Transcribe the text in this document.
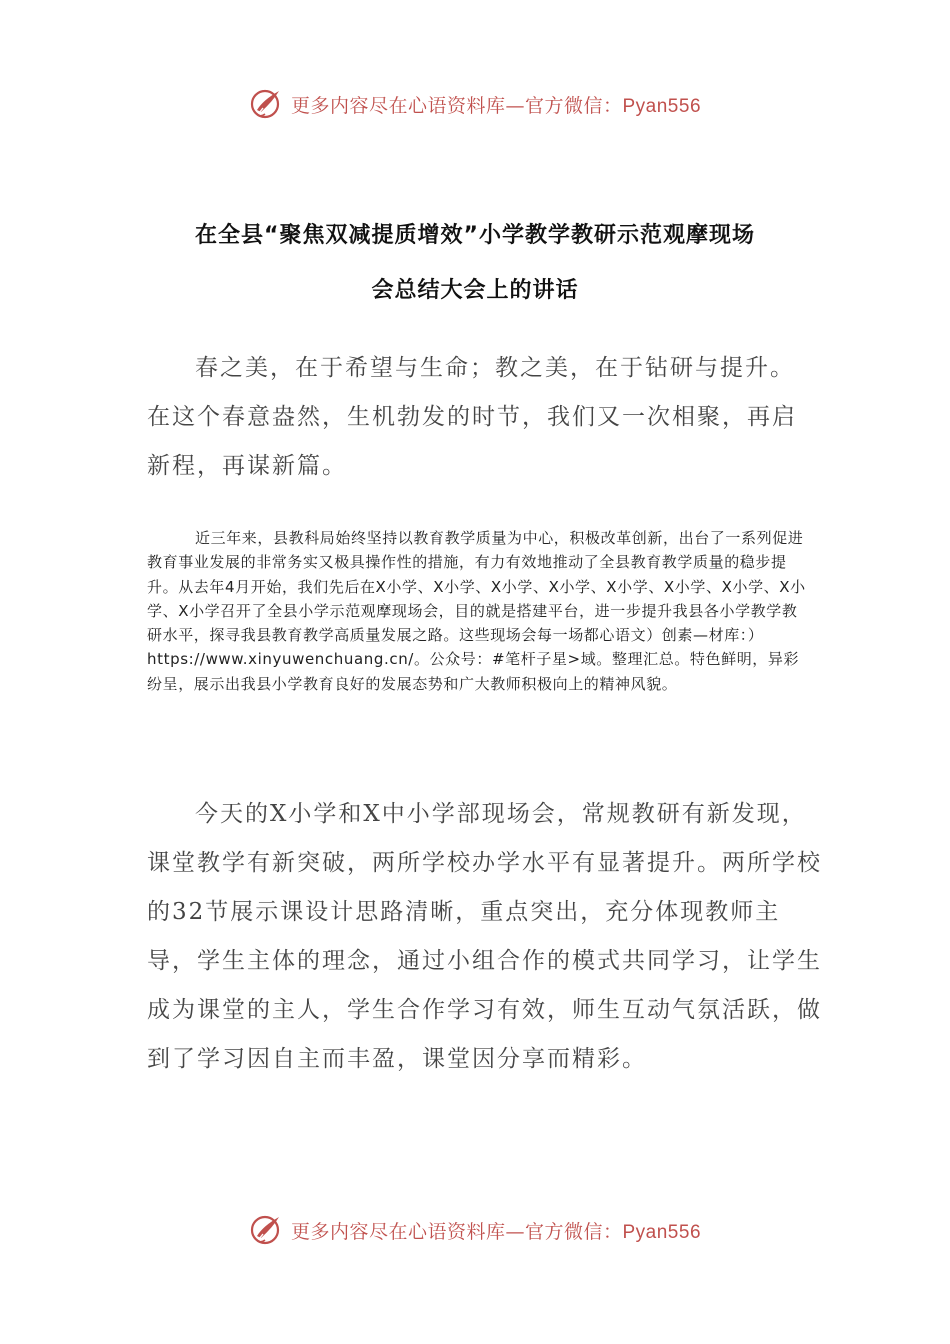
更多内容尽在心语资料库—官方微信：Pyan556
在全县“聚焦双减提质增效”小学教学教研示范观摩现场
会总结大会上的讲话

春之美，在于希望与生命；教之美，在于钻研与提升。在这个春意盎然，生机勃发的时节，我们又一次相聚，再启新程，再谋新篇。

近三年来，县教科局始终坚持以教育教学质量为中心，积极改革创新，出台了一系列促进教育事业发展的非常务实又极具操作性的措施，有力有效地推动了全县教育教学质量的稳步提升。从去年4月开始，我们先后在X小学、X小学、X小学、X小学、X小学、X小学、X小学、X小学、X小学召开了全县小学示范观摩现场会，目的就是搭建平台，进一步提升我县各小学教学教研水平，探寻我县教育教学高质量发展之路。这些现场会每一场都心语文）创素—材库：）https://www.xinyuwenchuang.cn/。公众号：#笔杆子星>域。整理汇总。特色鲜明，异彩纷呈，展示出我县小学教育良好的发展态势和广大教师积极向上的精神风貌。

今天的X小学和X中小学部现场会，常规教研有新发现，课堂教学有新突破，两所学校办学水平有显著提升。两所学校的32节展示课设计思路清晰，重点突出，充分体现教师主导，学生主体的理念，通过小组合作的模式共同学习，让学生成为课堂的主人，学生合作学习有效，师生互动气氛活跃，做到了学习因自主而丰盈，课堂因分享而精彩。

更多内容尽在心语资料库—官方微信：Pyan556
